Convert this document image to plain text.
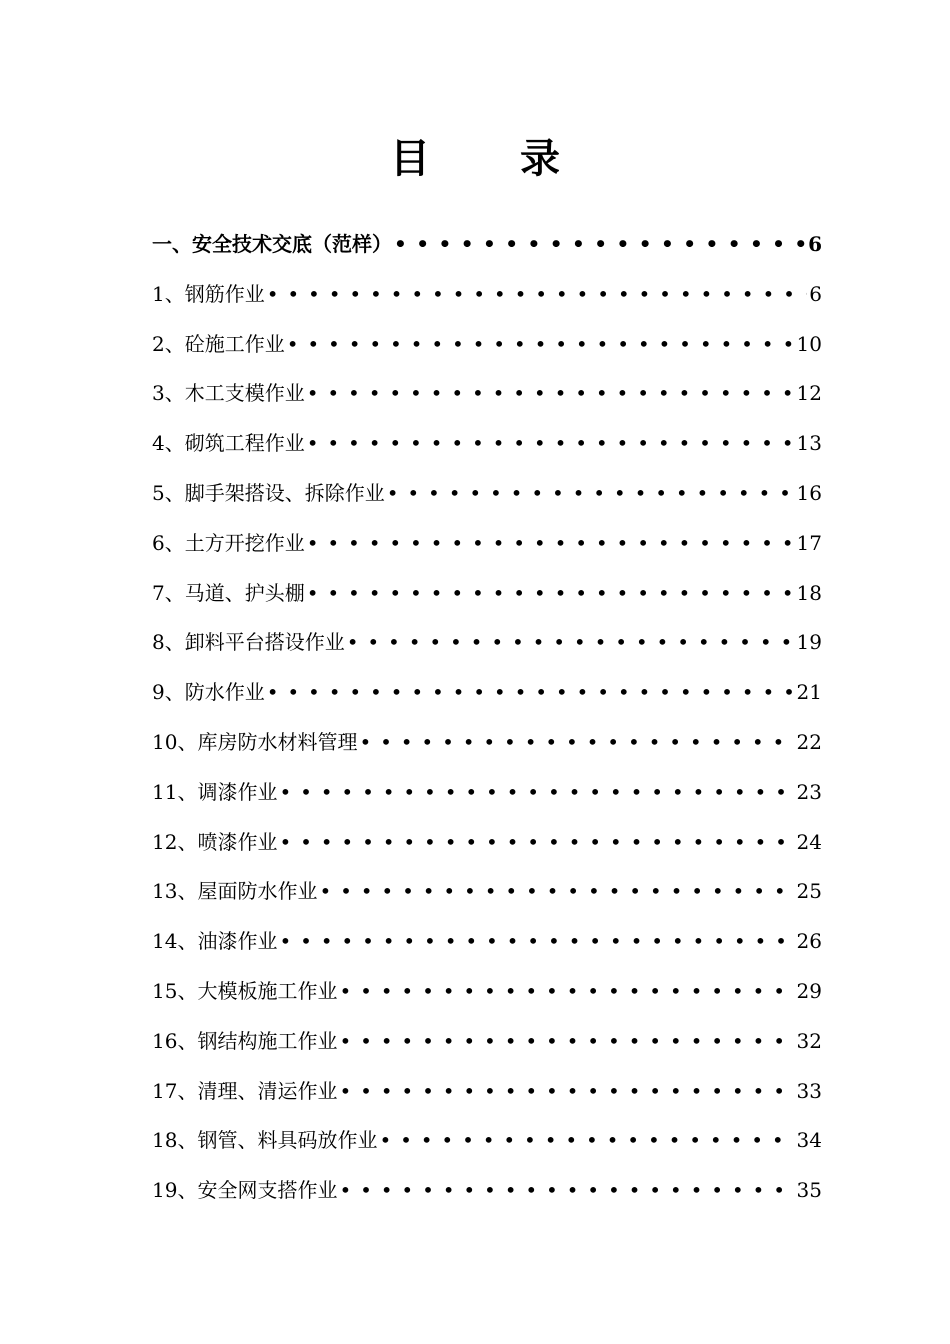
目 录
一、安全技术交底（范样） • • •	6
1、钢筋作业 • • •	6
2、砼施工作业 • • •	10
3、木工支模作业 • • •	12
4、砌筑工程作业 • • •	13
5、脚手架搭设、拆除作业 • • •	16
6、土方开挖作业 • • •	17
7、马道、护头棚 • • •	18
8、卸料平台搭设作业 • • •	19
9、防水作业 • • •	21
10、库房防水材料管理 • • •	22
11、调漆作业 • • •	23
12、喷漆作业 • • •	24
13、屋面防水作业 • • •	25
14、油漆作业 • • •	26
15、大模板施工作业 • • •	29
16、钢结构施工作业 • • •	32
17、清理、清运作业 • • •	33
18、钢管、料具码放作业 • • •	34
19、安全网支搭作业 • • •	35
